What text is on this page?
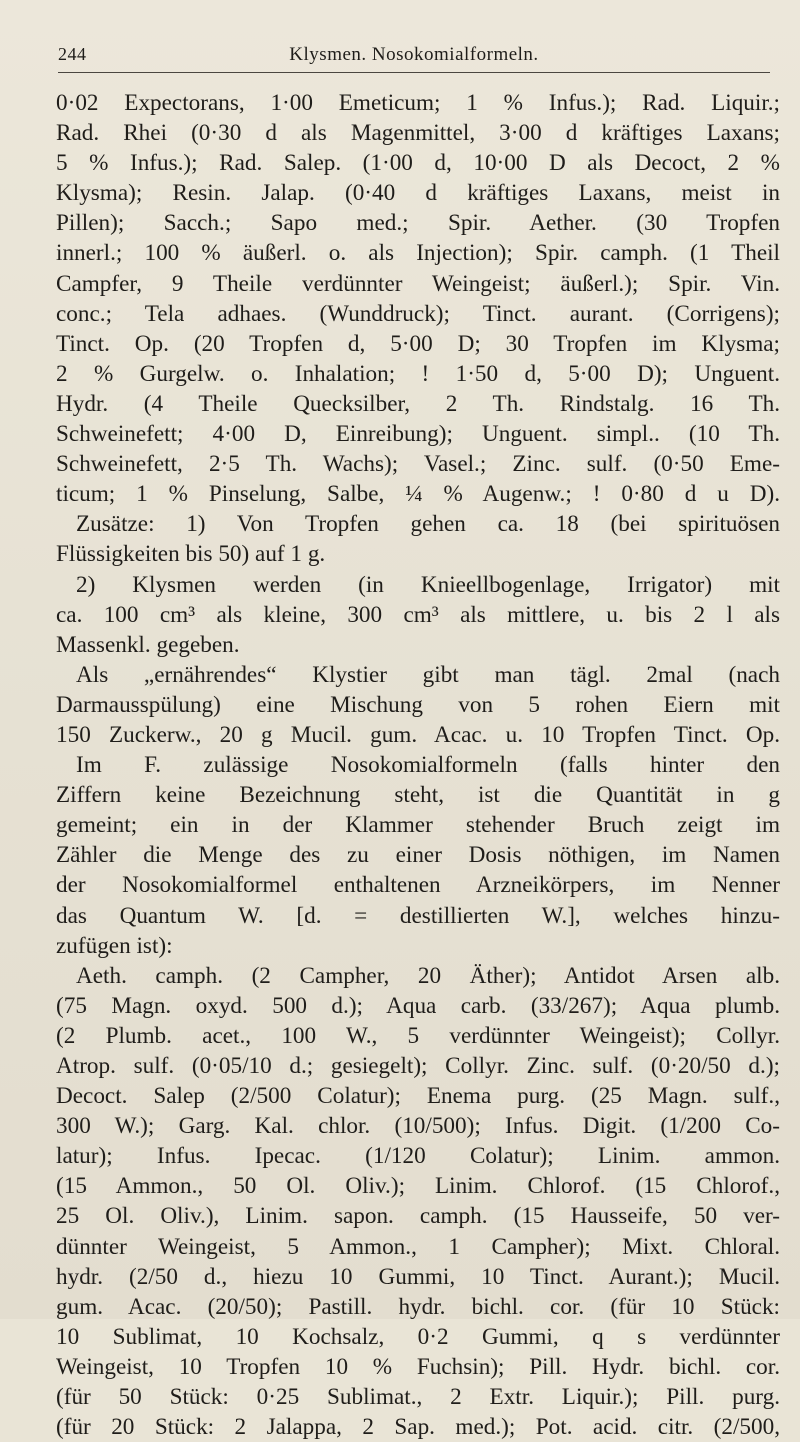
244	Klysmen. Nosokomialformeln.
0·02 Expectorans, 1·00 Emeticum; 1 % Infus.); Rad. Liquir.;
Rad. Rhei (0·30 d als Magenmittel, 3·00 d kräftiges Laxans;
5 % Infus.); Rad. Salep. (1·00 d, 10·00 D als Decoct, 2 %
Klysma); Resin. Jalap. (0·40 d kräftiges Laxans, meist in
Pillen); Sacch.; Sapo med.; Spir. Aether. (30 Tropfen
innerl.; 100 % äußerl. o. als Injection); Spir. camph. (1 Theil
Campfer, 9 Theile verdünnter Weingeist; äußerl.); Spir. Vin.
conc.; Tela adhaes. (Wunddruck); Tinct. aurant. (Corrigens);
Tinct. Op. (20 Tropfen d, 5·00 D; 30 Tropfen im Klysma;
2 % Gurgelw. o. Inhalation; ! 1·50 d, 5·00 D); Unguent.
Hydr. (4 Theile Quecksilber, 2 Th. Rindstalg. 16 Th.
Schweinefett; 4·00 D, Einreibung); Unguent. simpl.. (10 Th.
Schweinefett, 2·5 Th. Wachs); Vasel.; Zinc. sulf. (0·50 Eme-
ticum; 1 % Pinselung, Salbe, ¼ % Augenw.; ! 0·80 d u D).
Zusätze: 1) Von Tropfen gehen ca. 18 (bei spirituösen
Flüssigkeiten bis 50) auf 1 g.
2) Klysmen werden (in Knieellbogenlage, Irrigator) mit
ca. 100 cm³ als kleine, 300 cm³ als mittlere, u. bis 2 l als
Massenkl. gegeben.
Als „ernährendes“ Klystier gibt man tägl. 2mal (nach
Darmausspülung) eine Mischung von 5 rohen Eiern mit
150 Zuckerw., 20 g Mucil. gum. Acac. u. 10 Tropfen Tinct. Op.
Im F. zulässige Nosokomialformeln (falls hinter den
Ziffern keine Bezeichnung steht, ist die Quantität in g
gemeint; ein in der Klammer stehender Bruch zeigt im
Zähler die Menge des zu einer Dosis nöthigen, im Namen
der Nosokomialformel enthaltenen Arzneikörpers, im Nenner
das Quantum W. [d. = destillierten W.], welches hinzu-
zufügen ist):
Aeth. camph. (2 Campher, 20 Äther); Antidot Arsen alb.
(75 Magn. oxyd. 500 d.); Aqua carb. (33/267); Aqua plumb.
(2 Plumb. acet., 100 W., 5 verdünnter Weingeist); Collyr.
Atrop. sulf. (0·05/10 d.; gesiegelt); Collyr. Zinc. sulf. (0·20/50 d.);
Decoct. Salep (2/500 Colatur); Enema purg. (25 Magn. sulf.,
300 W.); Garg. Kal. chlor. (10/500); Infus. Digit. (1/200 Co-
latur); Infus. Ipecac. (1/120 Colatur); Linim. ammon.
(15 Ammon., 50 Ol. Oliv.); Linim. Chlorof. (15 Chlorof.,
25 Ol. Oliv.), Linim. sapon. camph. (15 Hausseife, 50 ver-
dünnter Weingeist, 5 Ammon., 1 Campher); Mixt. Chloral.
hydr. (2/50 d., hiezu 10 Gummi, 10 Tinct. Aurant.); Mucil.
gum. Acac. (20/50); Pastill. hydr. bichl. cor. (für 10 Stück:
10 Sublimat, 10 Kochsalz, 0·2 Gummi, q s verdünnter
Weingeist, 10 Tropfen 10 % Fuchsin); Pill. Hydr. bichl. cor.
(für 50 Stück: 0·25 Sublimat., 2 Extr. Liquir.); Pill. purg.
(für 20 Stück: 2 Jalappa, 2 Sap. med.); Pot. acid. citr. (2/500,
